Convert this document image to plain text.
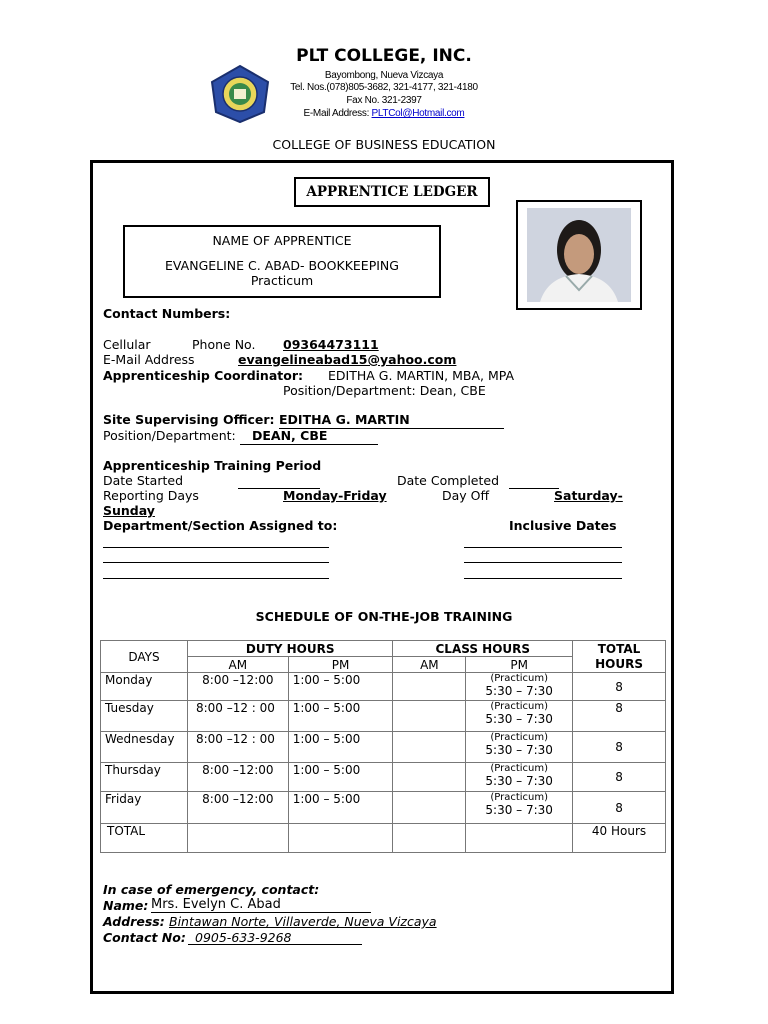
PLT COLLEGE, INC.
Bayombong, Nueva Vizcaya
Tel. Nos.(078)805-3682, 321-4177, 321-4180
Fax No. 321-2397
E-Mail Address: PLTCol@Hotmail.com
COLLEGE OF BUSINESS EDUCATION
APPRENTICE LEDGER
NAME OF APPRENTICE
EVANGELINE C. ABAD- BOOKKEEPING
Practicum
Contact Numbers:
Cellular	Phone No. 09364473111
E-Mail Address	evangelineabad15@yahoo.com
Apprenticeship Coordinator: EDITHA G. MARTIN, MBA, MPA
Position/Department: Dean, CBE
Site Supervising Officer: EDITHA G. MARTIN
Position/Department: DEAN, CBE
Apprenticeship Training Period
Date Started	Date Completed
Reporting Days	Monday-Friday	Day Off	Saturday-
Sunday
Department/Section Assigned to:	Inclusive Dates
SCHEDULE OF ON-THE-JOB TRAINING
DAYS	DUTY HOURS		CLASS HOURS		TOTAL
HOURS

	AM	PM	AM	PM	
Monday	8:00 –12:00	1:00 – 5:00		(Practicum)
5:30 – 7:30	8
Tuesday	8:00 –12 : 00	1:00 – 5:00		(Practicum)
5:30 – 7:30	8
Wednesday	8:00 –12 : 00	1:00 – 5:00		(Practicum)
5:30 – 7:30	8
Thursday	8:00 –12:00	1:00 – 5:00		(Practicum)
5:30 – 7:30	8
Friday	8:00 –12:00	1:00 – 5:00		(Practicum)
5:30 – 7:30	8
TOTAL					40 Hours
In case of emergency, contact:
Name: Mrs. Evelyn C. Abad
Address: Bintawan Norte, Villaverde, Nueva Vizcaya
Contact No: 0905-633-9268
